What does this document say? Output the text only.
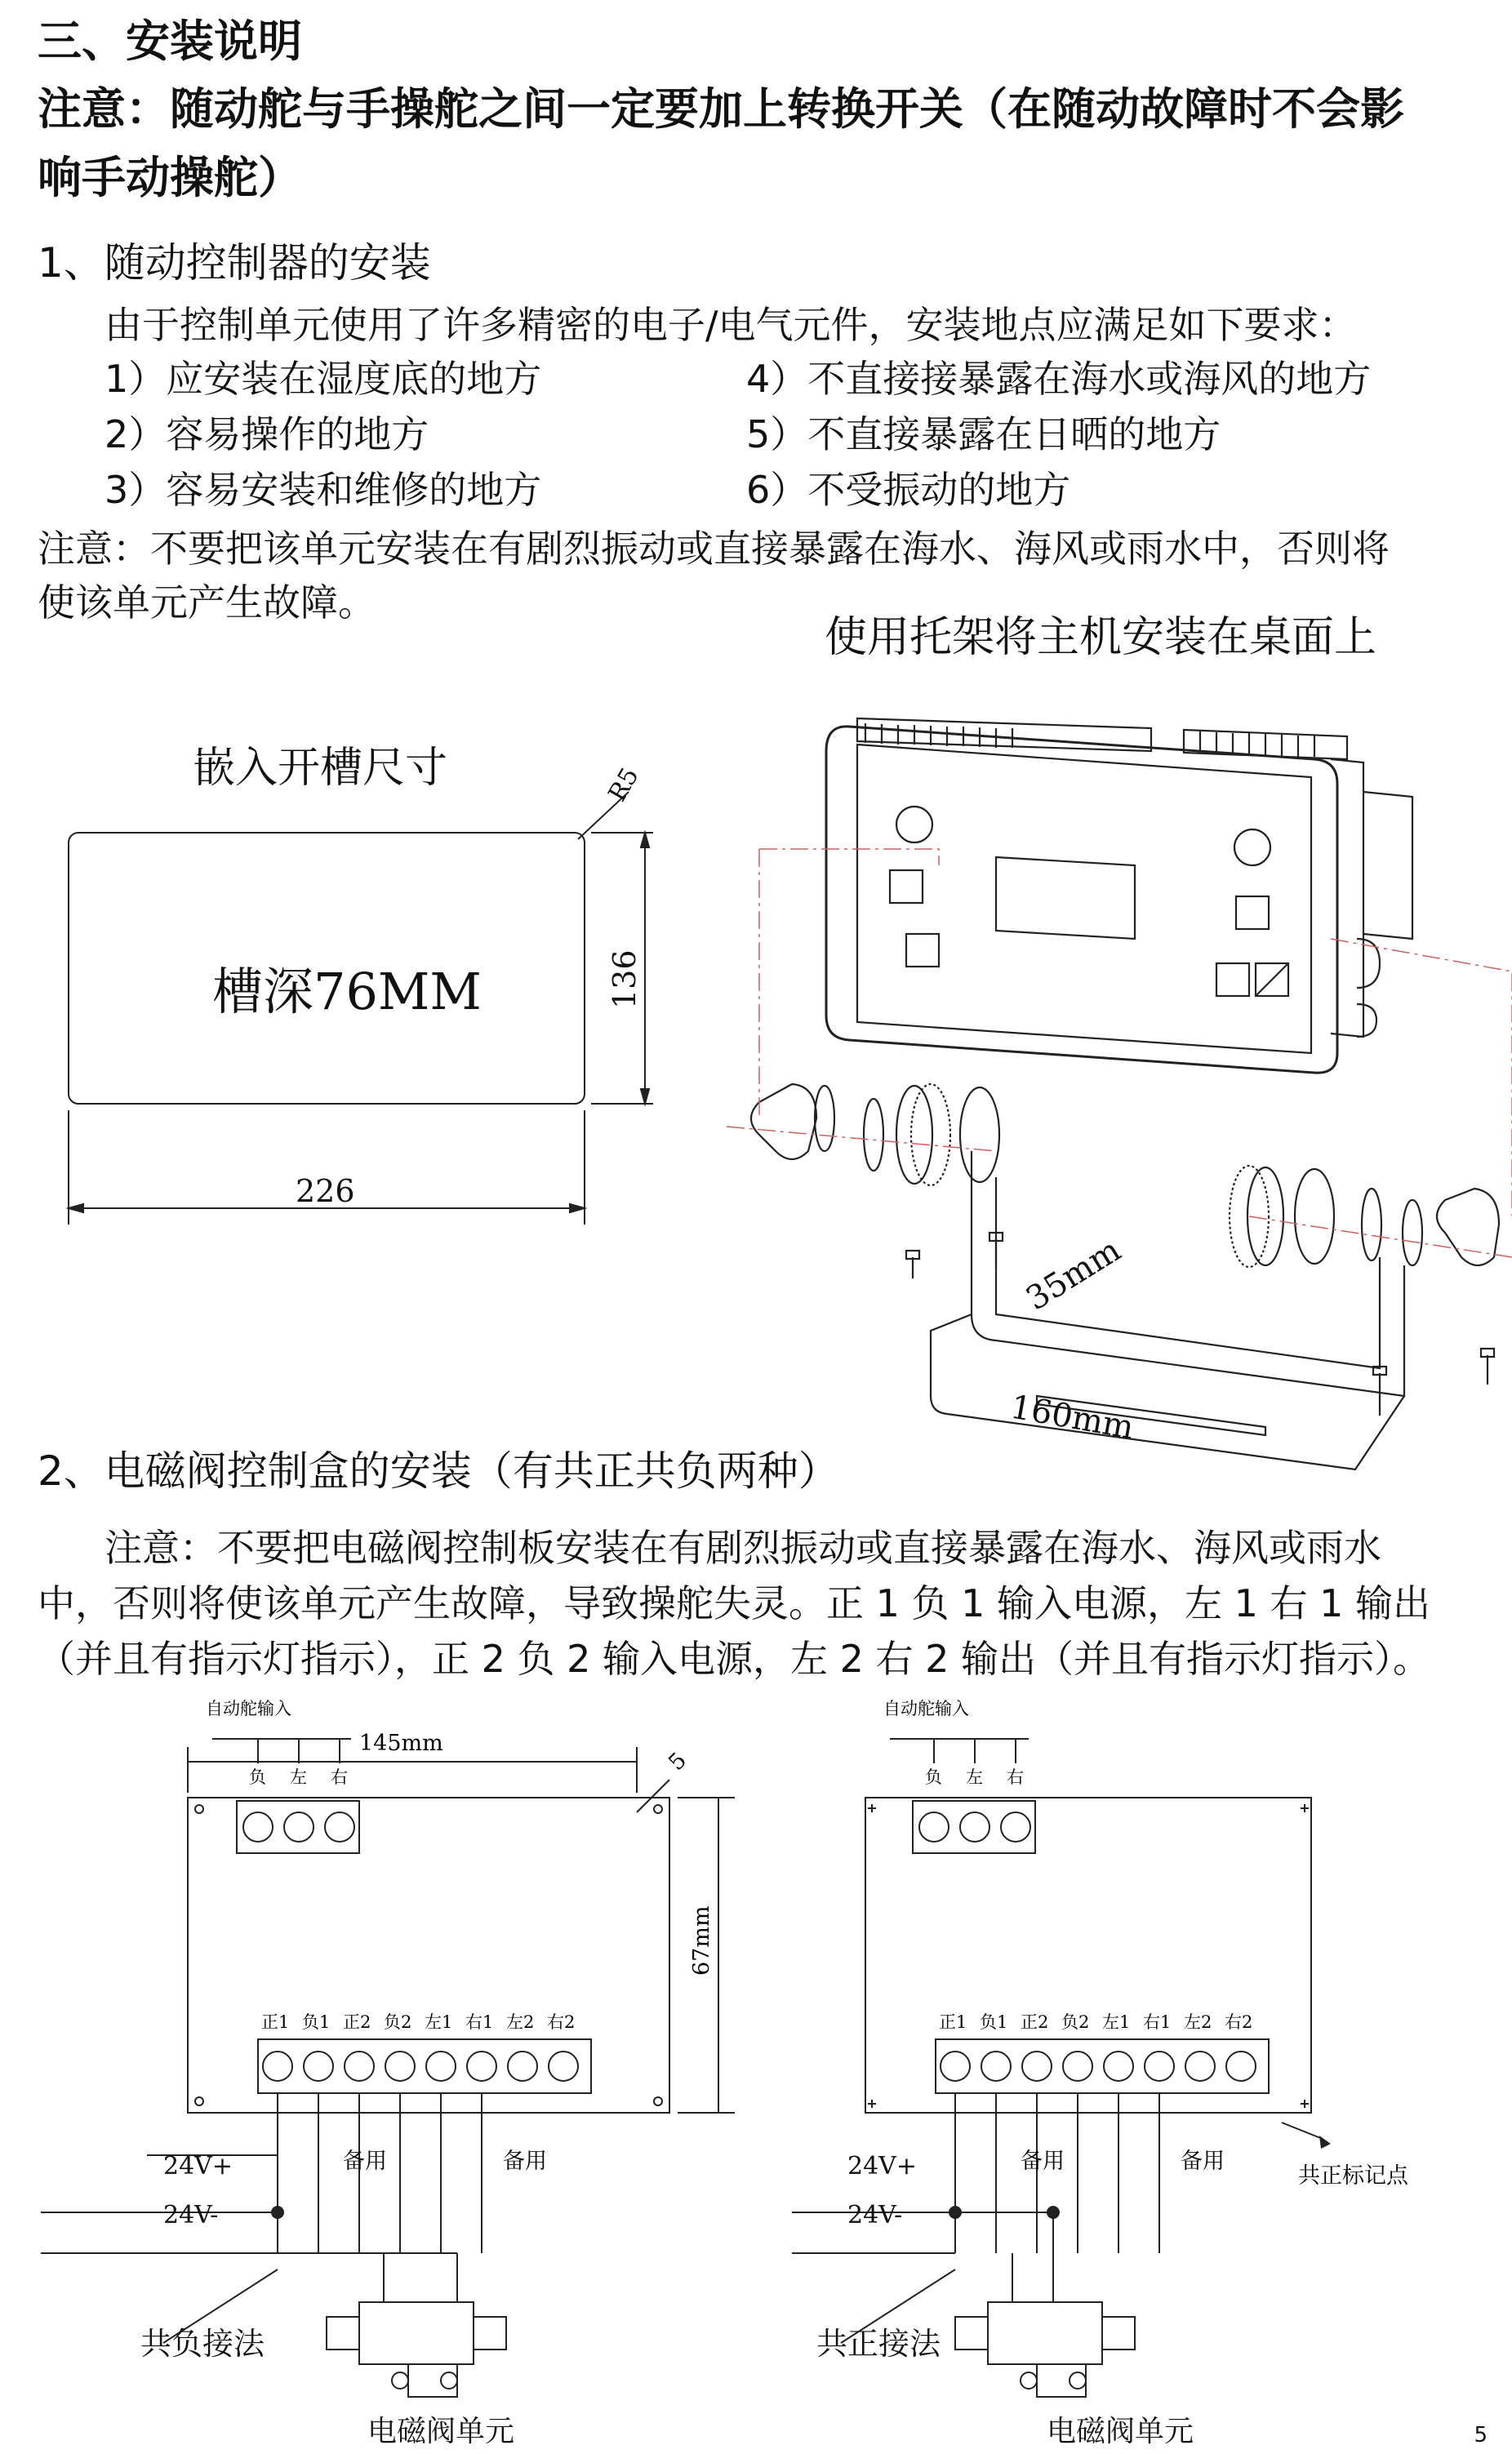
三、安装说明
注意：随动舵与手操舵之间一定要加上转换开关（在随动故障时不会影
响手动操舵）
1、随动控制器的安装
由于控制单元使用了许多精密的电子/电气元件，安装地点应满足如下要求：
1）应安装在湿度底的地方
2）容易操作的地方
3）容易安装和维修的地方
4）不直接接暴露在海水或海风的地方
5）不直接暴露在日晒的地方
6）不受振动的地方
注意：不要把该单元安装在有剧烈振动或直接暴露在海水、海风或雨水中，否则将
使该单元产生故障。
使用托架将主机安装在桌面上
嵌入开槽尺寸
槽深76MM
226
136
R5
35mm
160mm
2、电磁阀控制盒的安装（有共正共负两种）
注意：不要把电磁阀控制板安装在有剧烈振动或直接暴露在海水、海风或雨水
中，否则将使该单元产生故障，导致操舵失灵。正 1 负 1 输入电源，左 1 右 1 输出
（并且有指示灯指示），正 2 负 2 输入电源，左 2 右 2 输出（并且有指示灯指示）。
自动舵输入
负 左 右
145mm
67mm
5
正1 负1 正2 负2 左1 右1 左2 右2
备用	备用
24V+
24V-
共负接法
电磁阀单元
自动舵输入
负 左 右
正1 负1 正2 负2 左1 右1 左2 右2
备用	备用
共正标记点
24V+
24V-
共正接法
电磁阀单元	5
